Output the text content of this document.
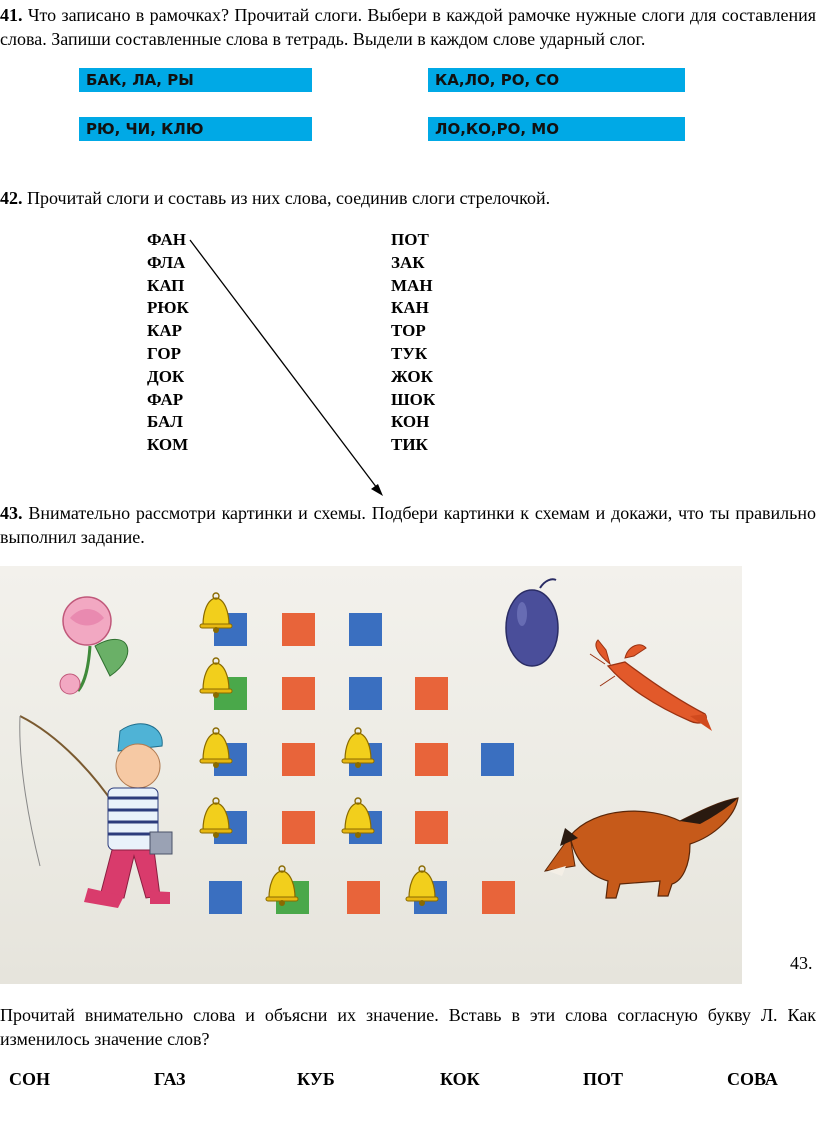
41. Что записано в рамочках? Прочитай слоги. Выбери в каждой рамочке нужные слоги для составления слова. Запиши составленные слова в тетрадь. Выдели в каждом слове ударный слог.
БАК, ЛА, РЫ	КА,ЛО, РО, СО
РЮ, ЧИ, КЛЮ	ЛО,КО,РО, МО
42. Прочитай слоги и составь из них слова, соединив слоги стрелочкой.
ФАН
ФЛА
КАП
РЮК
КАР
ГОР
ДОК
ФАР
БАЛ
КОМ
ПОТ
ЗАК
МАН
КАН
ТОР
ТУК
ЖОК
ШОК
КОН
ТИК
43. Внимательно рассмотри картинки и схемы. Подбери картинки к схемам и докажи, что ты правильно выполнил задание.
43.
Прочитай внимательно слова и объясни их значение. Вставь в эти слова согласную букву Л. Как изменилось значение слов?
СОН	ГАЗ	КУБ	КОК	ПОТ	СОВА
